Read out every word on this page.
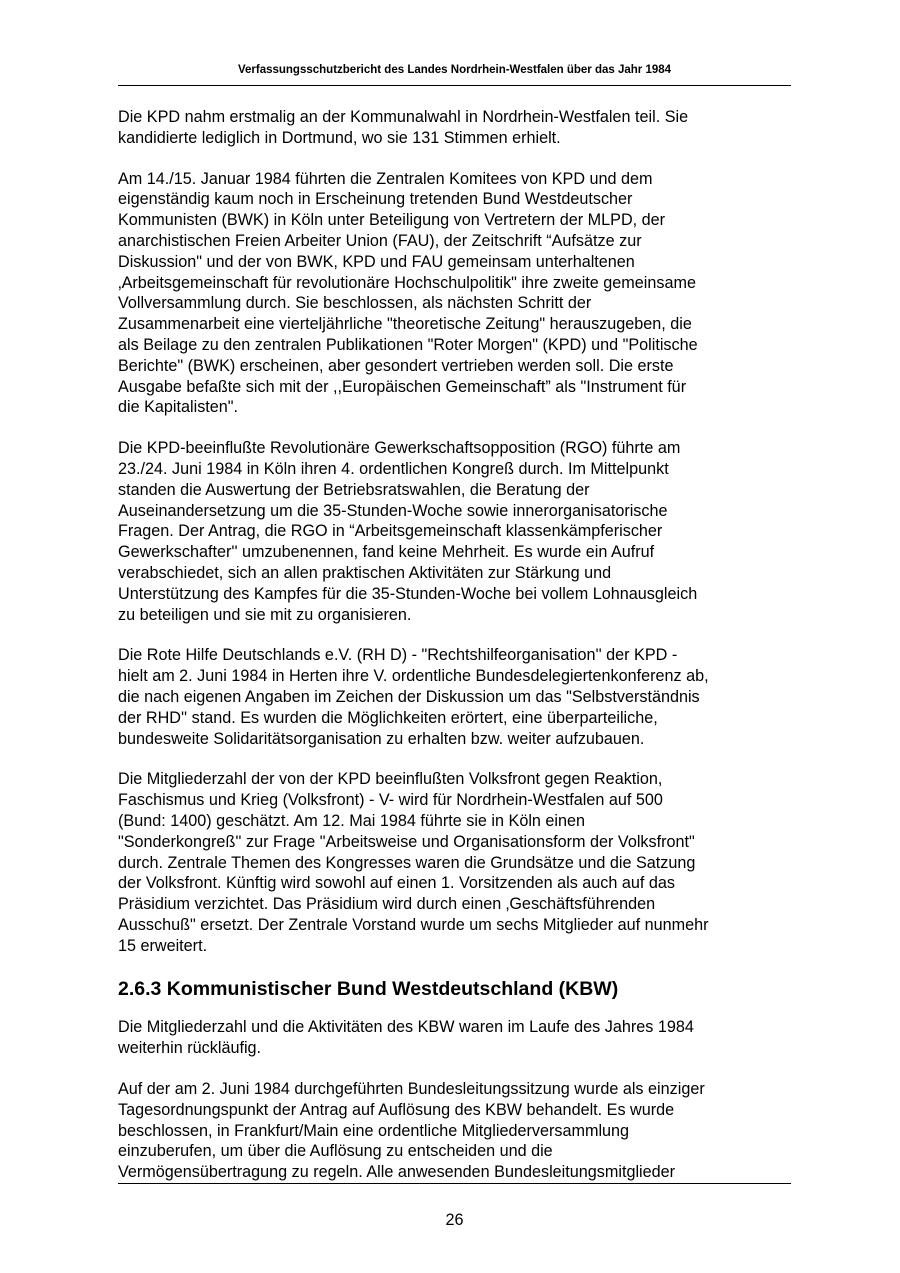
Verfassungsschutzbericht des Landes Nordrhein-Westfalen über das Jahr 1984

Die KPD nahm erstmalig an der Kommunalwahl in Nordrhein-Westfalen teil. Sie
kandidierte lediglich in Dortmund, wo sie 131 Stimmen erhielt.

Am 14./15. Januar 1984 führten die Zentralen Komitees von KPD und dem
eigenständig kaum noch in Erscheinung tretenden Bund Westdeutscher
Kommunisten (BWK) in Köln unter Beteiligung von Vertretern der MLPD, der
anarchistischen Freien Arbeiter Union (FAU), der Zeitschrift “Aufsätze zur
Diskussion" und der von BWK, KPD und FAU gemeinsam unterhaltenen
‚Arbeitsgemeinschaft für revolutionäre Hochschulpolitik" ihre zweite gemeinsame
Vollversammlung durch. Sie beschlossen, als nächsten Schritt der
Zusammenarbeit eine vierteljährliche "theoretische Zeitung" herauszugeben, die
als Beilage zu den zentralen Publikationen "Roter Morgen" (KPD) und "Politische
Berichte" (BWK) erscheinen, aber gesondert vertrieben werden soll. Die erste
Ausgabe befaßte sich mit der ,,Europäischen Gemeinschaft” als "Instrument für
die Kapitalisten".

Die KPD-beeinflußte Revolutionäre Gewerkschaftsopposition (RGO) führte am
23./24. Juni 1984 in Köln ihren 4. ordentlichen Kongreß durch. Im Mittelpunkt
standen die Auswertung der Betriebsratswahlen, die Beratung der
Auseinandersetzung um die 35-Stunden-Woche sowie innerorganisatorische
Fragen. Der Antrag, die RGO in “Arbeitsgemeinschaft klassenkämpferischer
Gewerkschafter'' umzubenennen, fand keine Mehrheit. Es wurde ein Aufruf
verabschiedet, sich an allen praktischen Aktivitäten zur Stärkung und
Unterstützung des Kampfes für die 35-Stunden-Woche bei vollem Lohnausgleich
zu beteiligen und sie mit zu organisieren.

Die Rote Hilfe Deutschlands e.V. (RH D) - "Rechtshilfeorganisation'' der KPD -
hielt am 2. Juni 1984 in Herten ihre V. ordentliche Bundesdelegiertenkonferenz ab,
die nach eigenen Angaben im Zeichen der Diskussion um das "Selbstverständnis
der RHD'' stand. Es wurden die Möglichkeiten erörtert, eine überparteiliche,
bundesweite Solidaritätsorganisation zu erhalten bzw. weiter aufzubauen.

Die Mitgliederzahl der von der KPD beeinflußten Volksfront gegen Reaktion,
Faschismus und Krieg (Volksfront) - V- wird für Nordrhein-Westfalen auf 500
(Bund: 1400) geschätzt. Am 12. Mai 1984 führte sie in Köln einen
"Sonderkongreß'' zur Frage "Arbeitsweise und Organisationsform der Volksfront"
durch. Zentrale Themen des Kongresses waren die Grundsätze und die Satzung
der Volksfront. Künftig wird sowohl auf einen 1. Vorsitzenden als auch auf das
Präsidium verzichtet. Das Präsidium wird durch einen ‚Geschäftsführenden
Ausschuß" ersetzt. Der Zentrale Vorstand wurde um sechs Mitglieder auf nunmehr
15 erweitert.

2.6.3 Kommunistischer Bund Westdeutschland (KBW)

Die Mitgliederzahl und die Aktivitäten des KBW waren im Laufe des Jahres 1984
weiterhin rückläufig.

Auf der am 2. Juni 1984 durchgeführten Bundesleitungssitzung wurde als einziger
Tagesordnungspunkt der Antrag auf Auflösung des KBW behandelt. Es wurde
beschlossen, in Frankfurt/Main eine ordentliche Mitgliederversammlung
einzuberufen, um über die Auflösung zu entscheiden und die
Vermögensübertragung zu regeln. Alle anwesenden Bundesleitungsmitglieder

26
